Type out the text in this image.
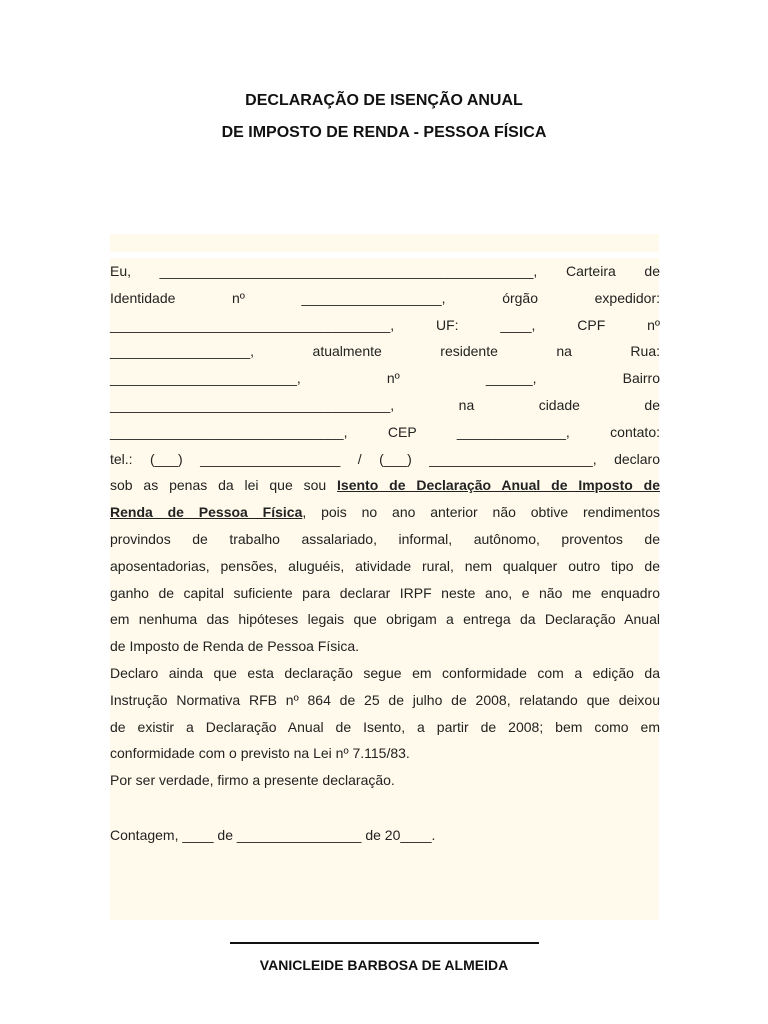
DECLARAÇÃO DE ISENÇÃO ANUAL
DE IMPOSTO DE RENDA - PESSOA FÍSICA

Eu, ________________________________________________, Carteira de

Identidade nº __________________, órgão expedidor:

____________________________________, UF: ____, CPF nº

__________________, atualmente residente na Rua:

________________________, nº ______, Bairro

____________________________________, na cidade de

______________________________, CEP ______________, contato:

tel.: (___) __________________ / (___) _____________________, declaro

sob as penas da lei que sou Isento de Declaração Anual de Imposto de

Renda de Pessoa Física, pois no ano anterior não obtive rendimentos

provindos de trabalho assalariado, informal, autônomo, proventos de

aposentadorias, pensões, aluguéis, atividade rural, nem qualquer outro tipo de

ganho de capital suficiente para declarar IRPF neste ano, e não me enquadro

em nenhuma das hipóteses legais que obrigam a entrega da Declaração Anual

de Imposto de Renda de Pessoa Física.

Declaro ainda que esta declaração segue em conformidade com a edição da

Instrução Normativa RFB nº 864 de 25 de julho de 2008, relatando que deixou

de existir a Declaração Anual de Isento, a partir de 2008; bem como em

conformidade com o previsto na Lei nº 7.115/83.

Por ser verdade, firmo a presente declaração.

Contagem, ____ de ________________ de 20____.

VANICLEIDE BARBOSA DE ALMEIDA
